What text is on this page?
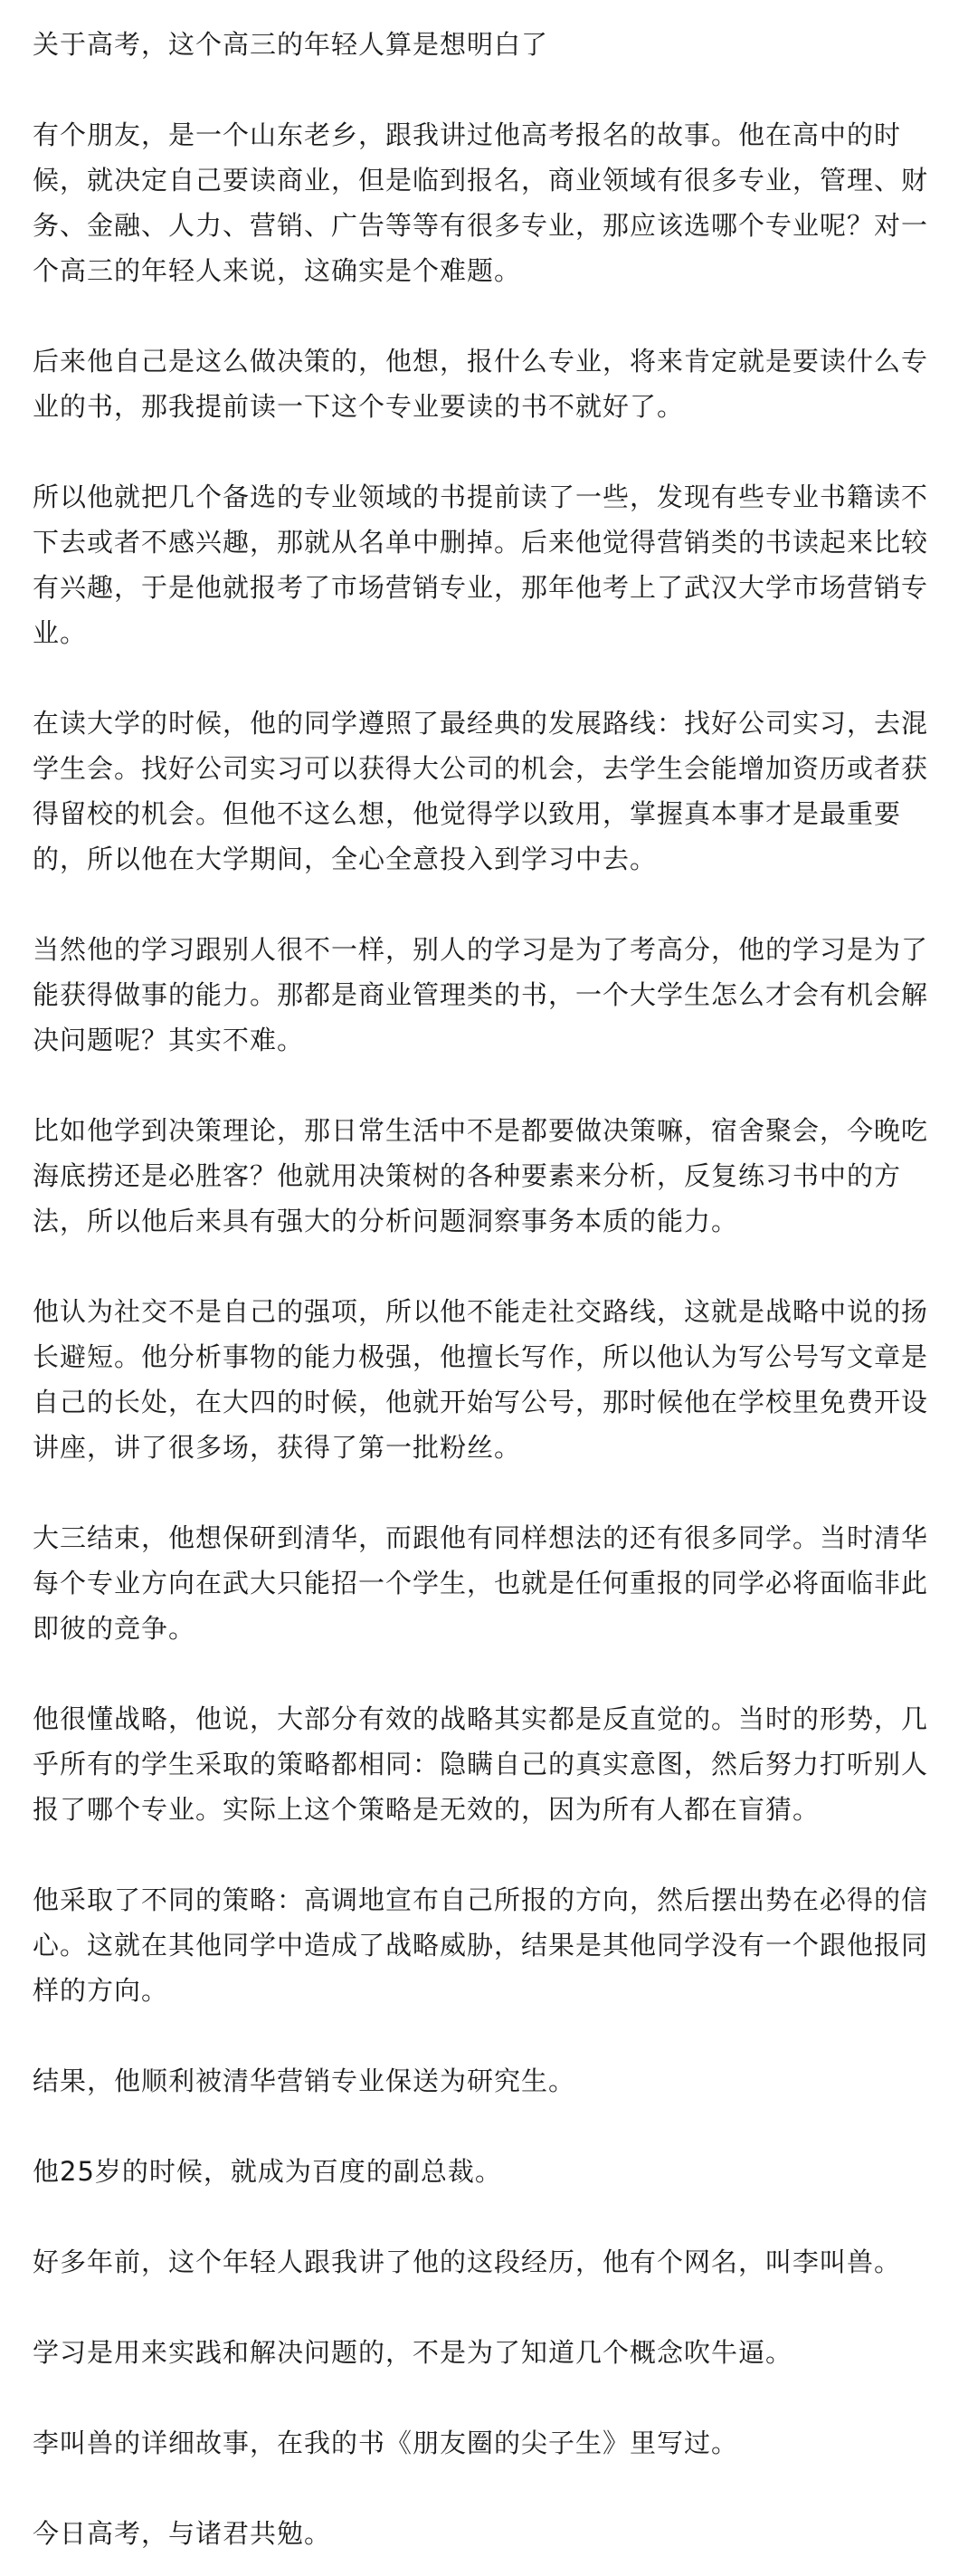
关于高考，这个高三的年轻人算是想明白了

有个朋友，是一个山东老乡，跟我讲过他高考报名的故事。他在高中的时候，就决定自己要读商业，但是临到报名，商业领域有很多专业，管理、财务、金融、人力、营销、广告等等有很多专业，那应该选哪个专业呢？对一个高三的年轻人来说，这确实是个难题。

后来他自己是这么做决策的，他想，报什么专业，将来肯定就是要读什么专业的书，那我提前读一下这个专业要读的书不就好了。

所以他就把几个备选的专业领域的书提前读了一些，发现有些专业书籍读不下去或者不感兴趣，那就从名单中删掉。后来他觉得营销类的书读起来比较有兴趣，于是他就报考了市场营销专业，那年他考上了武汉大学市场营销专业。

在读大学的时候，他的同学遵照了最经典的发展路线：找好公司实习，去混学生会。找好公司实习可以获得大公司的机会，去学生会能增加资历或者获得留校的机会。但他不这么想，他觉得学以致用，掌握真本事才是最重要的，所以他在大学期间，全心全意投入到学习中去。

当然他的学习跟别人很不一样，别人的学习是为了考高分，他的学习是为了能获得做事的能力。那都是商业管理类的书，一个大学生怎么才会有机会解决问题呢？其实不难。

比如他学到决策理论，那日常生活中不是都要做决策嘛，宿舍聚会，今晚吃海底捞还是必胜客？他就用决策树的各种要素来分析，反复练习书中的方法，所以他后来具有强大的分析问题洞察事务本质的能力。

他认为社交不是自己的强项，所以他不能走社交路线，这就是战略中说的扬长避短。他分析事物的能力极强，他擅长写作，所以他认为写公号写文章是自己的长处，在大四的时候，他就开始写公号，那时候他在学校里免费开设讲座，讲了很多场，获得了第一批粉丝。

大三结束，他想保研到清华，而跟他有同样想法的还有很多同学。当时清华每个专业方向在武大只能招一个学生，也就是任何重报的同学必将面临非此即彼的竞争。

他很懂战略，他说，大部分有效的战略其实都是反直觉的。当时的形势，几乎所有的学生采取的策略都相同：隐瞒自己的真实意图，然后努力打听别人报了哪个专业。实际上这个策略是无效的，因为所有人都在盲猜。

他采取了不同的策略：高调地宣布自己所报的方向，然后摆出势在必得的信心。这就在其他同学中造成了战略威胁，结果是其他同学没有一个跟他报同样的方向。

结果，他顺利被清华营销专业保送为研究生。

他25岁的时候，就成为百度的副总裁。

好多年前，这个年轻人跟我讲了他的这段经历，他有个网名，叫李叫兽。

学习是用来实践和解决问题的，不是为了知道几个概念吹牛逼。

李叫兽的详细故事，在我的书《朋友圈的尖子生》里写过。

今日高考，与诸君共勉。
